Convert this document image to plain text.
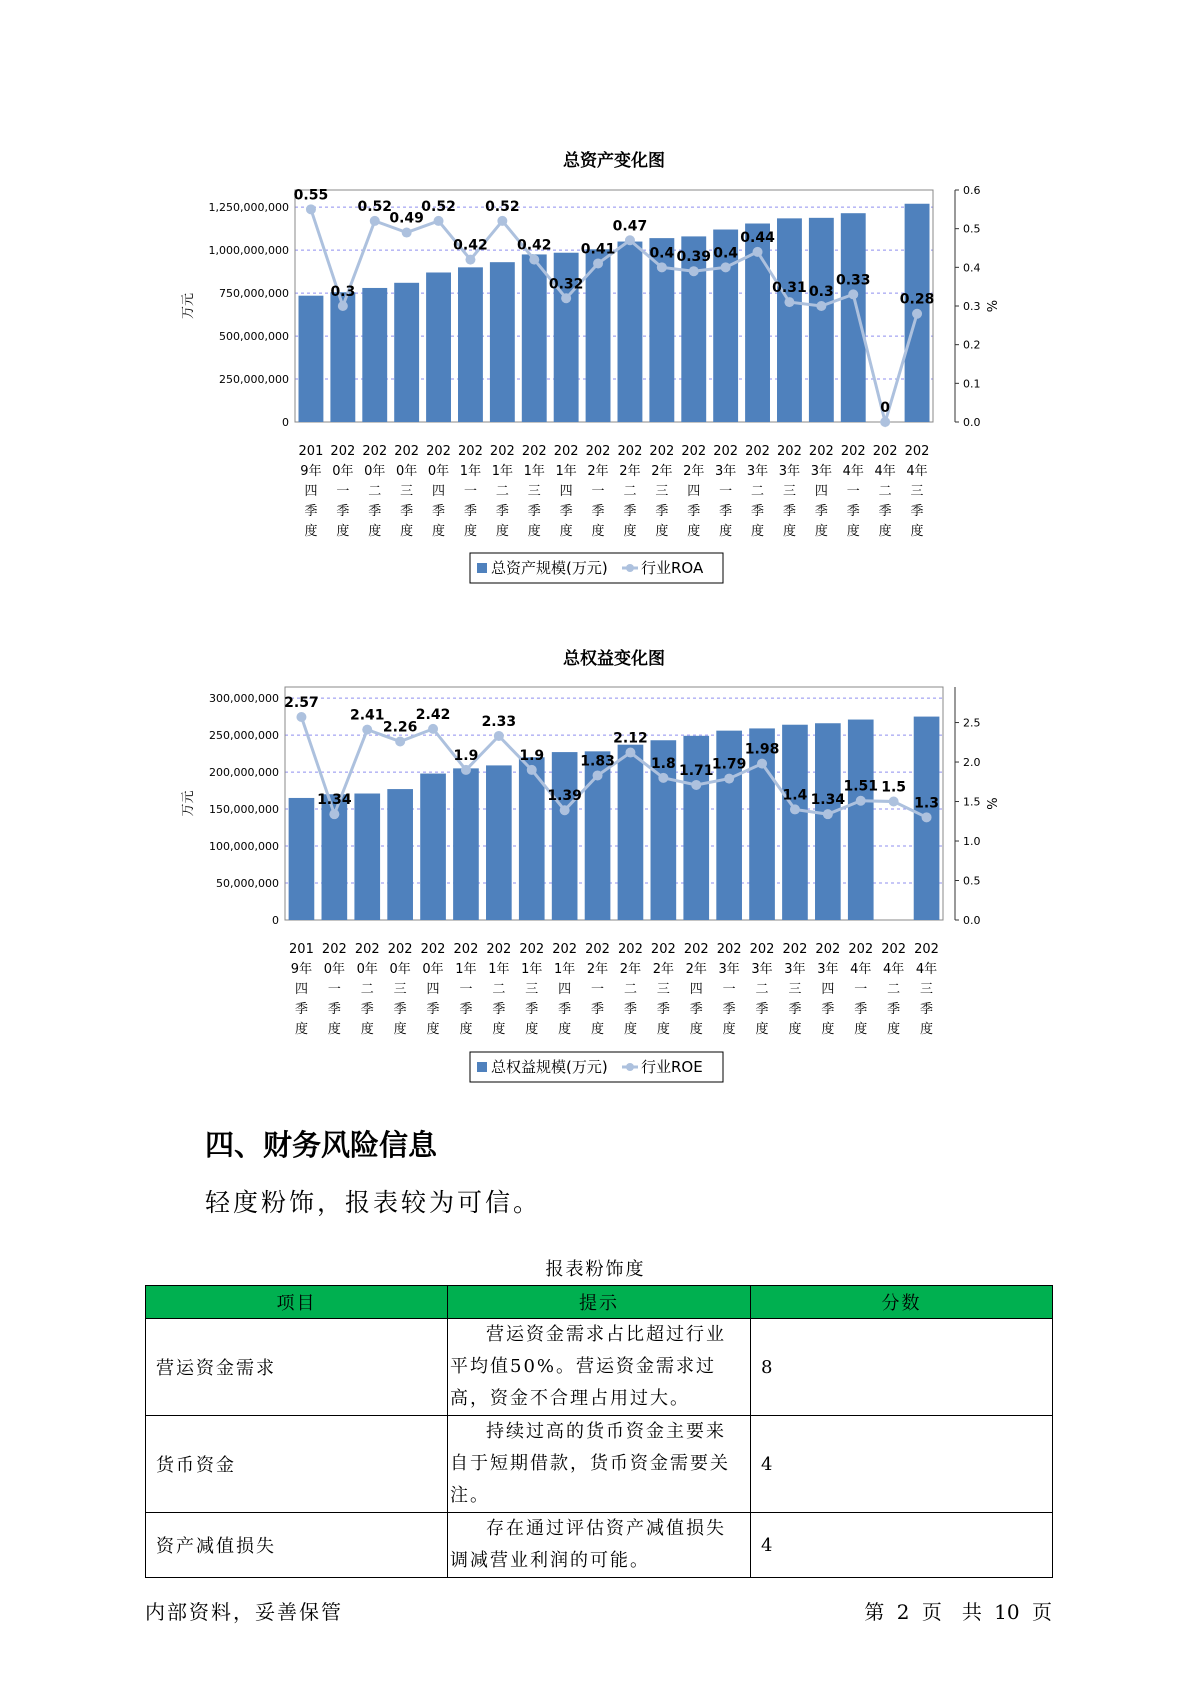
总资产变化图
0
250,000,000
500,000,000
750,000,000
1,000,000,000
1,250,000,000
0.0
0.1
0.2
0.3
0.4
0.5
0.6
万元	%
0.55
0.3
0.52
0.49
0.52
0.42
0.52
0.42
0.32
0.41
0.47
0.4 0.39 0.4
0.44
0.31 0.3
0.33
0
0.28
201 9年四季度
202 0年一季度
202 0年二季度
202 0年三季度
202 0年四季度
202 1年一季度
202 1年二季度
202 1年三季度
202 1年四季度
202 2年一季度
202 2年二季度
202 2年三季度
202 2年四季度
202 3年一季度
202 3年二季度
202 3年三季度
202 3年四季度
202 4年一季度
202 4年二季度
202 4年三季度
总资产规模(万元) 行业ROA
总权益变化图
0
50,000,000
100,000,000
150,000,000
200,000,000
250,000,000
300,000,000
0.0
0.5
1.0
1.5
2.0
2.5
万元	%
2.57
1.34
2.41
2.26
2.42
1.9
2.33
1.9
1.39
1.83
2.12
1.8 1.71
1.79
1.98
1.4 1.34
1.51 1.5
1.3
201 9年四季度
202 0年一季度
202 0年二季度
202 0年三季度
202 0年四季度
202 1年一季度
202 1年二季度
202 1年三季度
202 1年四季度
202 2年一季度
202 2年二季度
202 2年三季度
202 2年四季度
202 3年一季度
202 3年二季度
202 3年三季度
202 3年四季度
202 4年一季度
202 4年二季度
202 4年三季度
总权益规模(万元) 行业ROE
四、财务风险信息

轻度粉饰，报表较为可信。

报表粉饰度
项目	提示	分数
营运资金需求	营运资金需求占比超过行业平均值50%。营运资金需求过高，资金不合理占用过大。	8
货币资金	持续过高的货币资金主要来自于短期借款，货币资金需要关注。	4
资产减值损失	存在通过评估资产减值损失调减营业利润的可能。	4
内部资料，妥善保管	第 2 页　共 10 页
